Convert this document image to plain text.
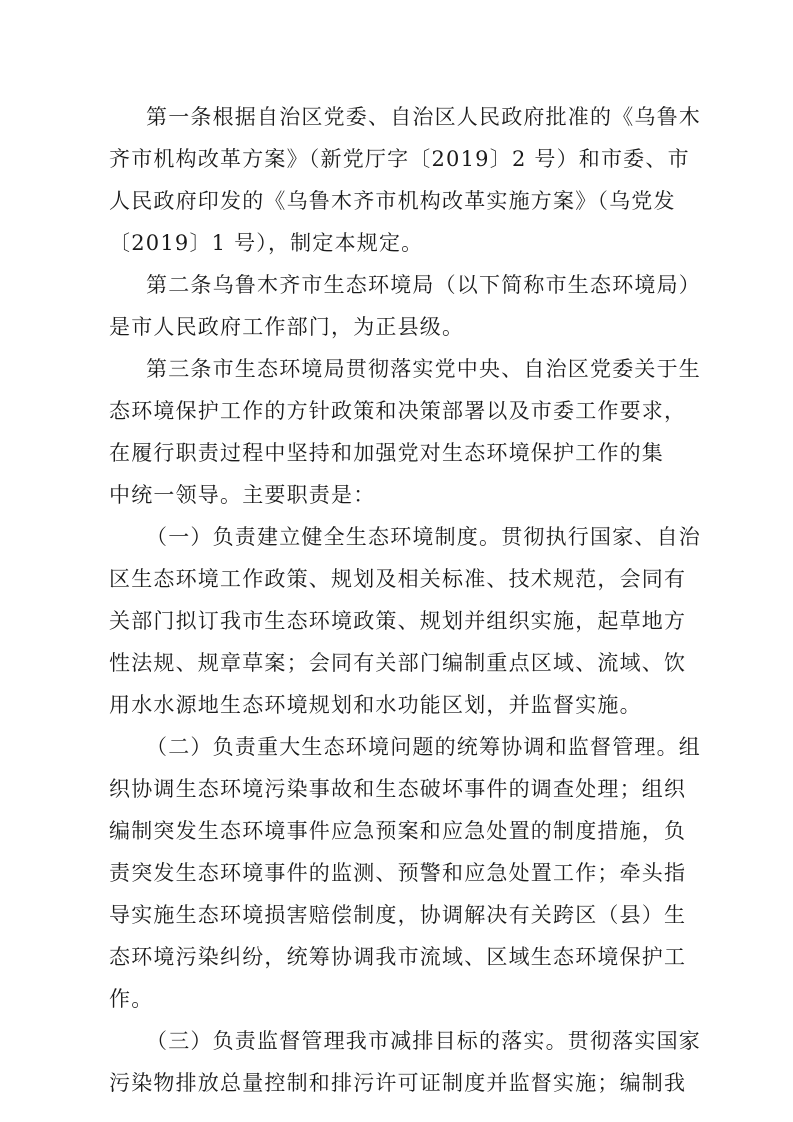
第一条根据自治区党委、自治区人民政府批准的《乌鲁木

齐市机构改革方案》（新党厅字〔2019〕2 号）和市委、市

人民政府印发的《乌鲁木齐市机构改革实施方案》（乌党发

〔2019〕1 号），制定本规定。

第二条乌鲁木齐市生态环境局（以下简称市生态环境局）

是市人民政府工作部门，为正县级。

第三条市生态环境局贯彻落实党中央、自治区党委关于生

态环境保护工作的方针政策和决策部署以及市委工作要求，

在履行职责过程中坚持和加强党对生态环境保护工作的集

中统一领导。主要职责是：

（一）负责建立健全生态环境制度。贯彻执行国家、自治

区生态环境工作政策、规划及相关标准、技术规范，会同有

关部门拟订我市生态环境政策、规划并组织实施，起草地方

性法规、规章草案；会同有关部门编制重点区域、流域、饮

用水水源地生态环境规划和水功能区划，并监督实施。

（二）负责重大生态环境问题的统筹协调和监督管理。组

织协调生态环境污染事故和生态破坏事件的调查处理；组织

编制突发生态环境事件应急预案和应急处置的制度措施，负

责突发生态环境事件的监测、预警和应急处置工作；牵头指

导实施生态环境损害赔偿制度，协调解决有关跨区（县）生

态环境污染纠纷，统筹协调我市流域、区域生态环境保护工

作。

（三）负责监督管理我市减排目标的落实。贯彻落实国家

污染物排放总量控制和排污许可证制度并监督实施；编制我
